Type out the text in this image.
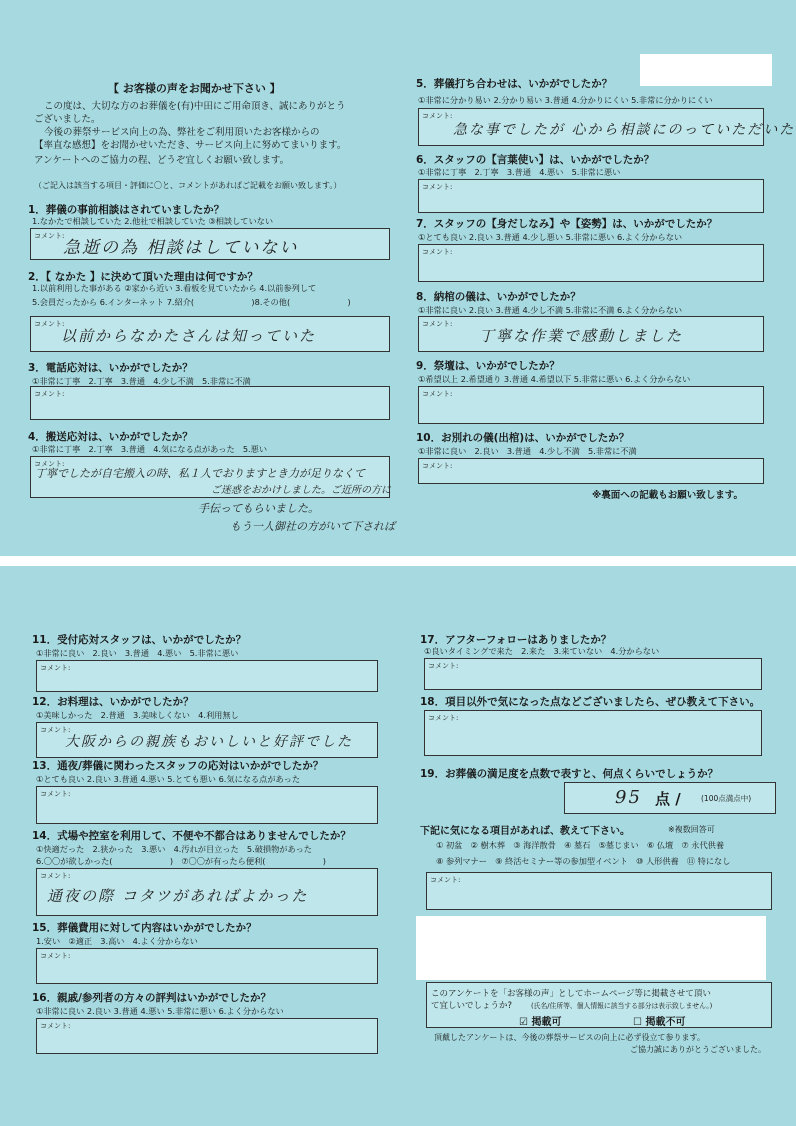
【 お客様の声をお聞かせ下さい 】
この度は、大切な方のお葬儀を(有)中田にご用命頂き、誠にありがとう
ございました。
今後の葬祭サービス向上の為、弊社をご利用頂いたお客様からの
【率直な感想】をお聞かせいただき、サービス向上に努めてまいります。
アンケートへのご協力の程、どうぞ宜しくお願い致します。
（ご記入は該当する項目・評価に〇と、コメントがあればご記載をお願い致します。）
1．葬儀の事前相談はされていましたか？
1.なかたで相談していた 2.他社で相談していた ③相談していない
コメント:
急逝の為 相談はしていない
2．【 なかた 】に決めて頂いた理由は何ですか？
1.以前利用した事がある ②家から近い 3.看板を見ていたから 4.以前参列して
5.会員だったから 6.インターネット 7.紹介(　　　　　　　)8.その他(　　　　　　　)
コメント:
以前からなかたさんは知っていた
3．電話応対は、いかがでしたか？
①非常に丁寧　2.丁寧　3.普通　4.少し不満　5.非常に不満
コメント:
4．搬送応対は、いかがでしたか？
①非常に丁寧　2.丁寧　3.普通　4.気になる点があった　5.悪い
コメント:
丁寧でしたが自宅搬入の時、私１人でおりますとき力が足りなくて
ご迷惑をおかけしました。ご近所の方に
手伝ってもらいました。
もう一人御社の方がいて下されば
5．葬儀打ち合わせは、いかがでしたか？
①非常に分かり易い 2.分かり易い 3.普通 4.分かりにくい 5.非常に分かりにくい
コメント:
急な事でしたが 心から相談にのっていただいた
6．スタッフの【言葉使い】は、いかがでしたか？
①非常に丁寧　2.丁寧　3.普通　4.悪い　5.非常に悪い
コメント:
7．スタッフの【身だしなみ】や【姿勢】は、いかがでしたか？
①とても良い 2.良い 3.普通 4.少し悪い 5.非常に悪い 6.よく分からない
コメント:
8．納棺の儀は、いかがでしたか？
①非常に良い 2.良い 3.普通 4.少し不満 5.非常に不満 6.よく分からない
コメント:
丁寧な作業で感動しました
9．祭壇は、いかがでしたか？
①希望以上 2.希望通り 3.普通 4.希望以下 5.非常に悪い 6.よく分からない
コメント:
10．お別れの儀(出棺)は、いかがでしたか？
①非常に良い　2.良い　3.普通　4.少し不満　5.非常に不満
コメント:
※裏面への記載もお願い致します。
11．受付応対スタッフは、いかがでしたか？
①非常に良い　2.良い　3.普通　4.悪い　5.非常に悪い
コメント:
12．お料理は、いかがでしたか？
①美味しかった　2.普通　3.美味しくない　4.利用無し
コメント:
大阪からの親族もおいしいと好評でした
13．通夜/葬儀に関わったスタッフの応対はいかがでしたか？
①とても良い 2.良い 3.普通 4.悪い 5.とても悪い 6.気になる点があった
コメント:
14．式場や控室を利用して、不便や不都合はありませんでしたか？
①快適だった　2.狭かった　3.悪い　4.汚れが目立った　5.破損物があった
6.〇〇が欲しかった(　　　　　　　)　⑦〇〇が有ったら便利(　　　　　　　)
コメント:
通夜の際 コタツがあればよかった
15．葬儀費用に対して内容はいかがでしたか？
1.安い　②適正　3.高い　4.よく分からない
コメント:
16．親戚/参列者の方々の評判はいかがでしたか？
①非常に良い 2.良い 3.普通 4.悪い 5.非常に悪い 6.よく分からない
コメント:
17．アフターフォローはありましたか？
①良いタイミングで来た　2.来た　3.来ていない　4.分からない
コメント:
18．項目以外で気になった点などございましたら、ぜひ教えて下さい。
コメント:
19．お葬儀の満足度を点数で表すと、何点くらいでしょうか？
95 点 /	(100点満点中)
下記に気になる項目があれば、教えて下さい。	※複数回答可
① 初盆　② 樹木葬　③ 海洋散骨　④ 墓石　⑤墓じまい　⑥ 仏壇　⑦ 永代供養
⑧ 参列マナー　⑨ 終活セミナー等の参加型イベント　⑩ 人形供養　⑪ 特になし
コメント:
このアンケートを「お客様の声」としてホームページ等に掲載させて頂い
て宜しいでしょうか?	(氏名/住所等、個人情報に該当する部分は表示致しません。)
☑ 掲載可	☐ 掲載不可
頂戴したアンケートは、今後の葬祭サービスの向上に必ず役立て参ります。
ご協力誠にありがとうございました。
